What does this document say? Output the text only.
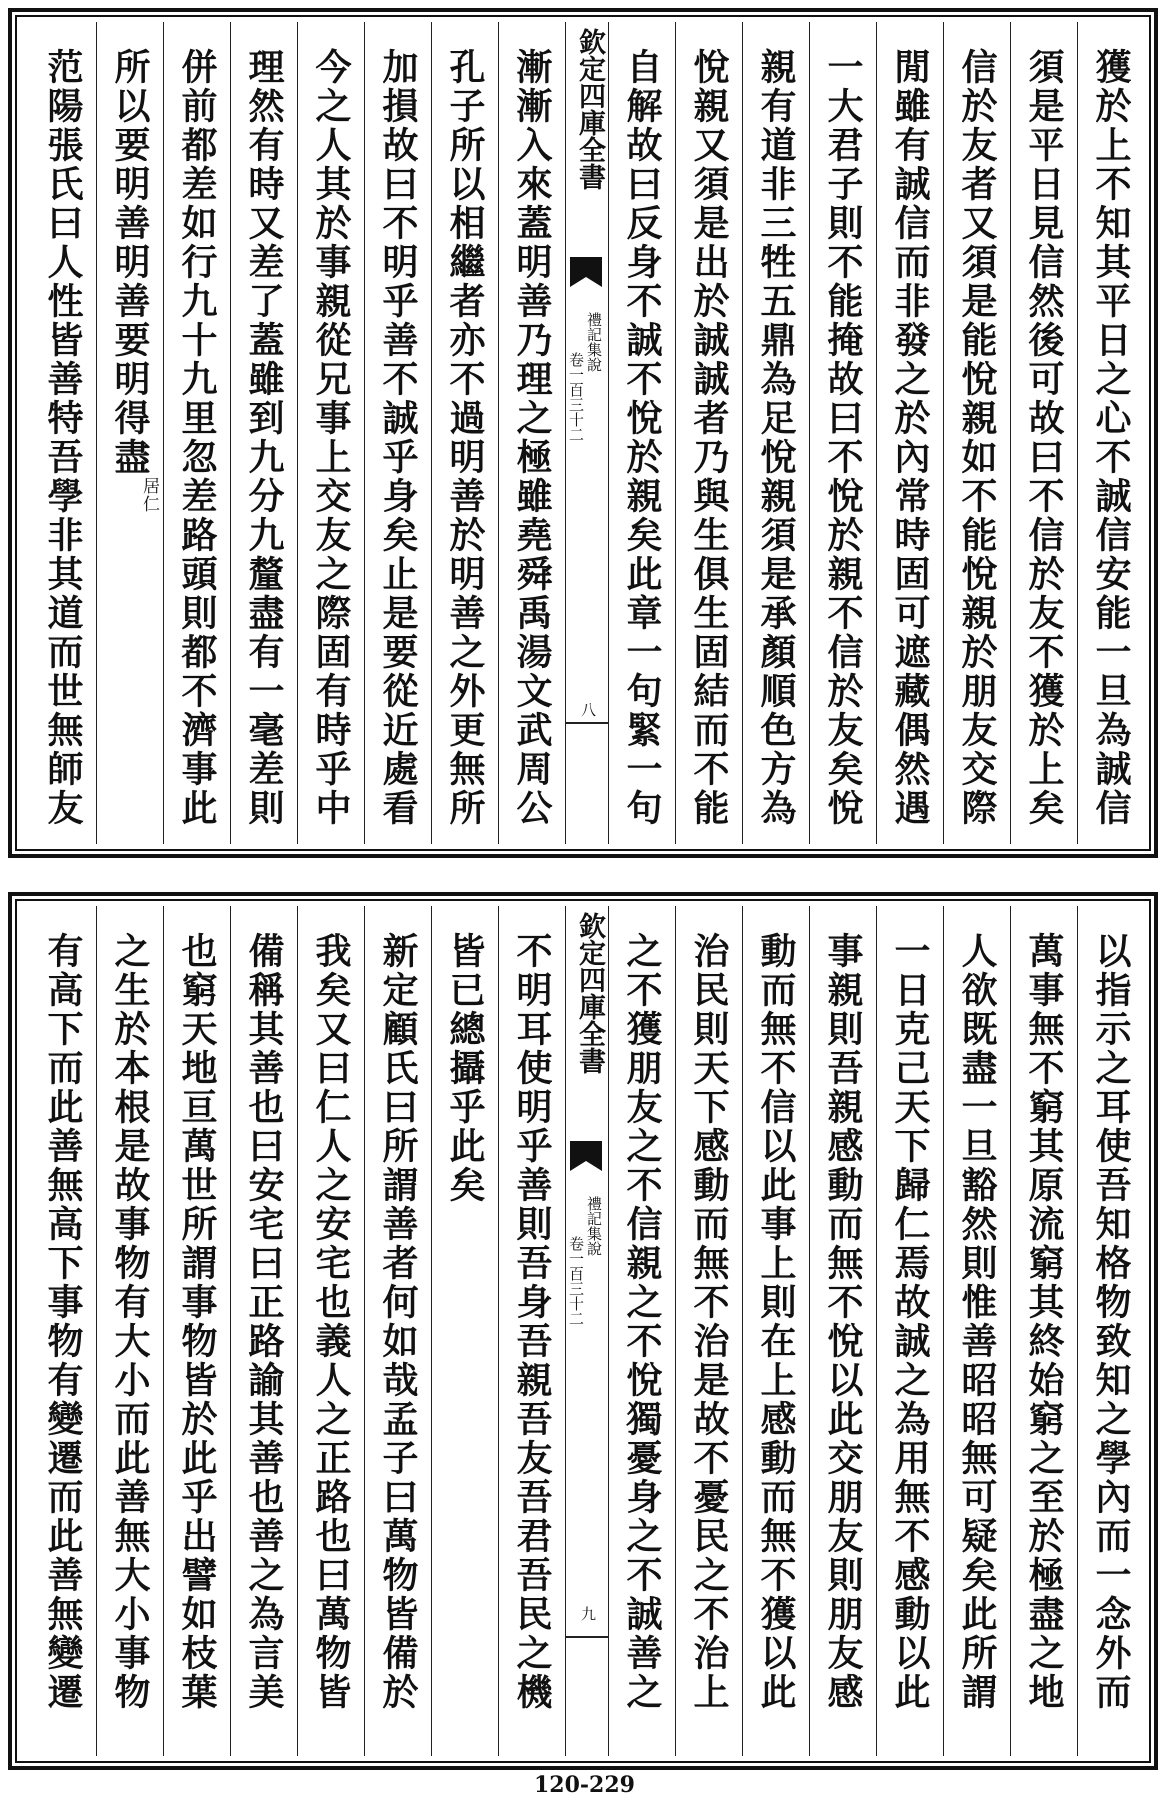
獲於上不知其平日之心不誠信安能一旦為誠信
須是平日見信然後可故曰不信於友不獲於上矣
信於友者又須是能悅親如不能悅親於朋友交際
閒雖有誠信而非發之於內常時固可遮藏偶然遇
一大君子則不能掩故曰不悅於親不信於友矣悅
親有道非三牲五鼎為足悅親須是承顏順色方為
悅親又須是出於誠誠者乃與生俱生固結而不能
自解故曰反身不誠不悅於親矣此章一句緊一句
欽定四庫全書
禮記集說
卷一百三十二
八
漸漸入來蓋明善乃理之極雖堯舜禹湯文武周公
孔子所以相繼者亦不過明善於明善之外更無所
加損故曰不明乎善不誠乎身矣止是要從近處看
今之人其於事親從兄事上交友之際固有時乎中
理然有時又差了蓋雖到九分九釐盡有一毫差則
併前都差如行九十九里忽差路頭則都不濟事此
所以要明善明善要明得盡
居仁
范陽張氏曰人性皆善特吾學非其道而世無師友
以指示之耳使吾知格物致知之學內而一念外而
萬事無不窮其原流窮其終始窮之至於極盡之地
人欲既盡一旦豁然則惟善昭昭無可疑矣此所謂
一日克己天下歸仁焉故誠之為用無不感動以此
事親則吾親感動而無不悅以此交朋友則朋友感
動而無不信以此事上則在上感動而無不獲以此
治民則天下感動而無不治是故不憂民之不治上
之不獲朋友之不信親之不悅獨憂身之不誠善之
欽定四庫全書
禮記集說
卷一百三十二
九
不明耳使明乎善則吾身吾親吾友吾君吾民之機
皆已總攝乎此矣
新定顧氏曰所謂善者何如哉孟子曰萬物皆備於
我矣又曰仁人之安宅也義人之正路也曰萬物皆
備稱其善也曰安宅曰正路諭其善也善之為言美
也窮天地亘萬世所謂事物皆於此乎出譬如枝葉
之生於本根是故事物有大小而此善無大小事物
有高下而此善無高下事物有變遷而此善無變遷
120-229
